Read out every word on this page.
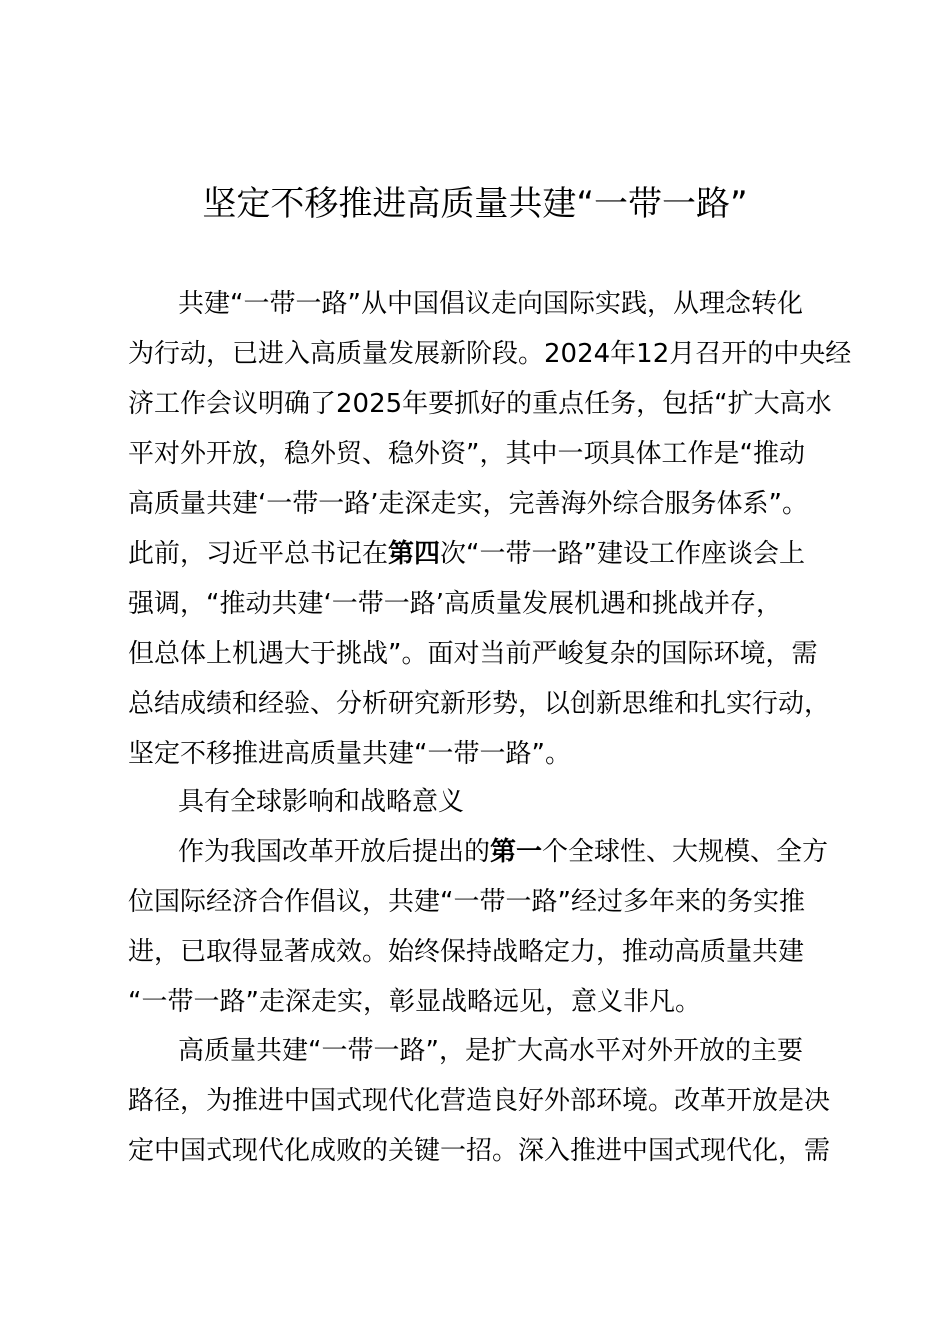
坚定不移推进高质量共建“一带一路”
共建“一带一路”从中国倡议走向国际实践，从理念转化
为行动，已进入高质量发展新阶段。2024年12月召开的中央经
济工作会议明确了2025年要抓好的重点任务，包括“扩大高水
平对外开放，稳外贸、稳外资”，其中一项具体工作是“推动
高质量共建‘一带一路’走深走实，完善海外综合服务体系”。
此前，习近平总书记在第四次“一带一路”建设工作座谈会上
强调，“推动共建‘一带一路’高质量发展机遇和挑战并存，
但总体上机遇大于挑战”。面对当前严峻复杂的国际环境，需
总结成绩和经验、分析研究新形势，以创新思维和扎实行动，
坚定不移推进高质量共建“一带一路”。
具有全球影响和战略意义
作为我国改革开放后提出的第一个全球性、大规模、全方
位国际经济合作倡议，共建“一带一路”经过多年来的务实推
进，已取得显著成效。始终保持战略定力，推动高质量共建
“一带一路”走深走实，彰显战略远见，意义非凡。
高质量共建“一带一路”，是扩大高水平对外开放的主要
路径，为推进中国式现代化营造良好外部环境。改革开放是决
定中国式现代化成败的关键一招。深入推进中国式现代化，需
